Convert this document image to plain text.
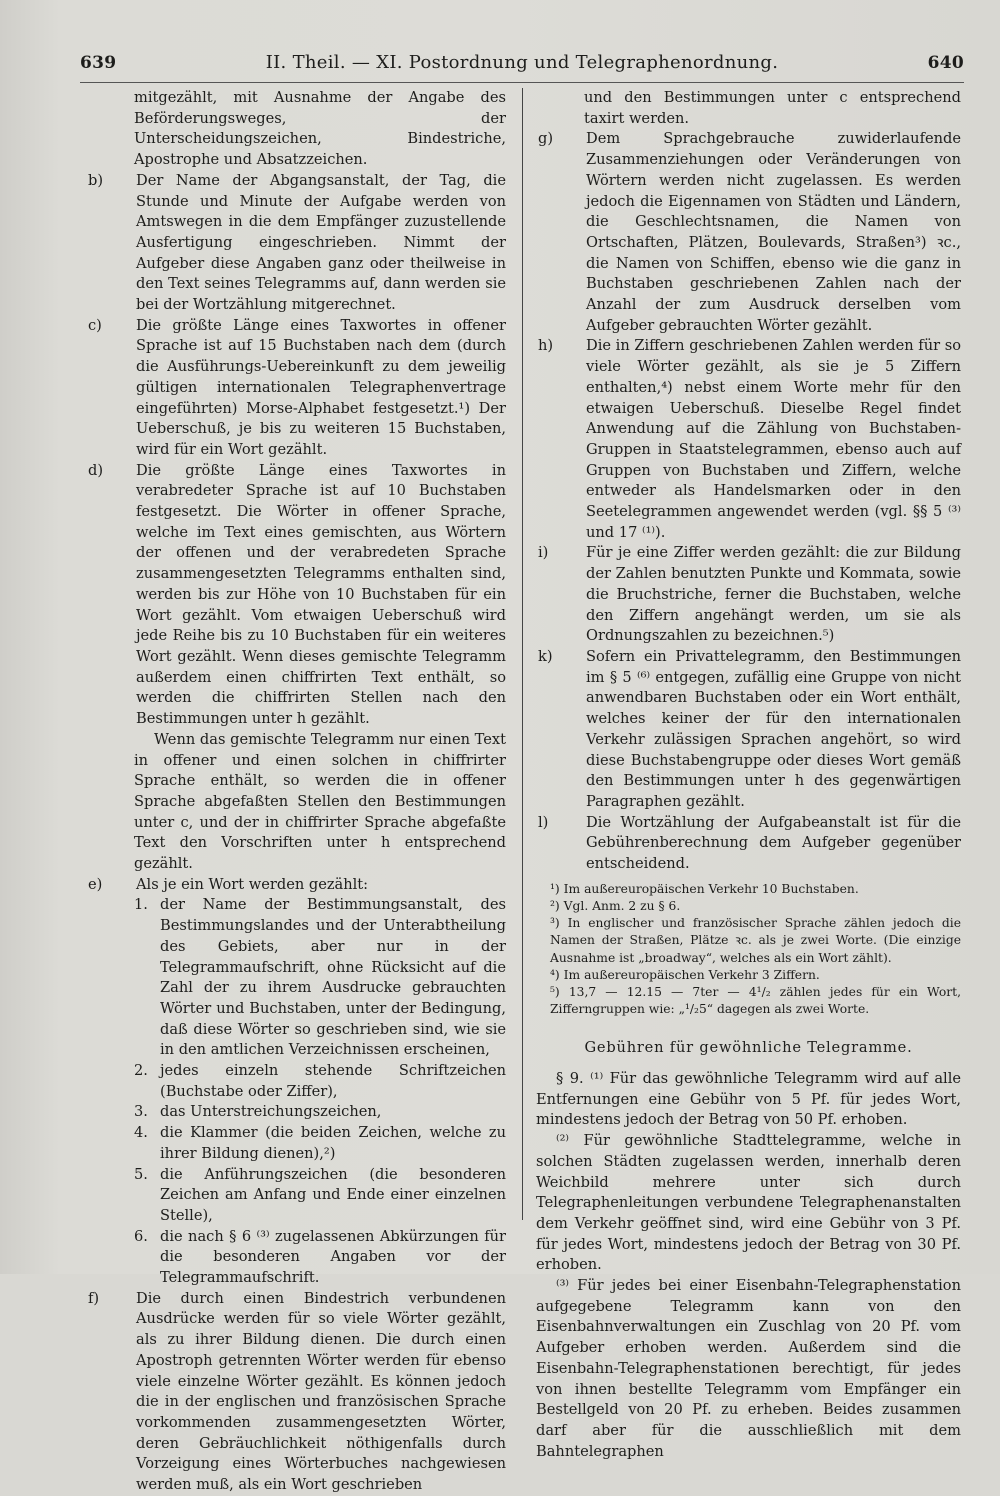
639	II. Theil. — XI. Postordnung und Telegraphenordnung.	640

mitgezählt, mit Ausnahme der Angabe des Beförderungsweges, der Unterscheidungszeichen, Bindestriche, Apostrophe und Absatzzeichen.

b)	Der Name der Abgangsanstalt, der Tag, die Stunde und Minute der Aufgabe werden von Amtswegen in die dem Empfänger zuzustellende Ausfertigung eingeschrieben. Nimmt der Aufgeber diese Angaben ganz oder theilweise in den Text seines Telegramms auf, dann werden sie bei der Wortzählung mitgerechnet.
c)	Die größte Länge eines Taxwortes in offener Sprache ist auf 15 Buchstaben nach dem (durch die Ausführungs-Uebereinkunft zu dem jeweilig gültigen internationalen Telegraphenvertrage eingeführten) Morse-Alphabet festgesetzt.¹) Der Ueberschuß, je bis zu weiteren 15 Buchstaben, wird für ein Wort gezählt.
d)	Die größte Länge eines Taxwortes in verabredeter Sprache ist auf 10 Buchstaben festgesetzt. Die Wörter in offener Sprache, welche im Text eines gemischten, aus Wörtern der offenen und der verabredeten Sprache zusammengesetzten Telegramms enthalten sind, werden bis zur Höhe von 10 Buchstaben für ein Wort gezählt. Vom etwaigen Ueberschuß wird jede Reihe bis zu 10 Buchstaben für ein weiteres Wort gezählt. Wenn dieses gemischte Telegramm außerdem einen chiffrirten Text enthält, so werden die chiffrirten Stellen nach den Bestimmungen unter h gezählt.

Wenn das gemischte Telegramm nur einen Text in offener und einen solchen in chiffrirter Sprache enthält, so werden die in offener Sprache abgefaßten Stellen den Bestimmungen unter c, und der in chiffrirter Sprache abgefaßte Text den Vorschriften unter h entsprechend gezählt.

e)	Als je ein Wort werden gezählt:
1. der Name der Bestimmungsanstalt, des Bestimmungslandes und der Unterabtheilung des Gebiets, aber nur in der Telegrammaufschrift, ohne Rücksicht auf die Zahl der zu ihrem Ausdrucke gebrauchten Wörter und Buchstaben, unter der Bedingung, daß diese Wörter so geschrieben sind, wie sie in den amtlichen Verzeichnissen erscheinen,
2. jedes einzeln stehende Schriftzeichen (Buchstabe oder Ziffer),
3. das Unterstreichungszeichen,
4. die Klammer (die beiden Zeichen, welche zu ihrer Bildung dienen),²)
5. die Anführungszeichen (die besonderen Zeichen am Anfang und Ende einer einzelnen Stelle),
6. die nach § 6 ⁽³⁾ zugelassenen Abkürzungen für die besonderen Angaben vor der Telegrammaufschrift.
f)	Die durch einen Bindestrich verbundenen Ausdrücke werden für so viele Wörter gezählt, als zu ihrer Bildung dienen. Die durch einen Apostroph getrennten Wörter werden für ebenso viele einzelne Wörter gezählt. Es können jedoch die in der englischen und französischen Sprache vorkommenden zusammengesetzten Wörter, deren Gebräuchlichkeit nöthigenfalls durch Vorzeigung eines Wörterbuches nachgewiesen werden muß, als ein Wort geschrieben

und den Bestimmungen unter c entsprechend taxirt werden.

g)	Dem Sprachgebrauche zuwiderlaufende Zusammenziehungen oder Veränderungen von Wörtern werden nicht zugelassen. Es werden jedoch die Eigennamen von Städten und Ländern, die Geschlechtsnamen, die Namen von Ortschaften, Plätzen, Boulevards, Straßen³) ꝛc., die Namen von Schiffen, ebenso wie die ganz in Buchstaben geschriebenen Zahlen nach der Anzahl der zum Ausdruck derselben vom Aufgeber gebrauchten Wörter gezählt.
h)	Die in Ziffern geschriebenen Zahlen werden für so viele Wörter gezählt, als sie je 5 Ziffern enthalten,⁴) nebst einem Worte mehr für den etwaigen Ueberschuß. Dieselbe Regel findet Anwendung auf die Zählung von Buchstaben-Gruppen in Staatstelegrammen, ebenso auch auf Gruppen von Buchstaben und Ziffern, welche entweder als Handelsmarken oder in den Seetelegrammen angewendet werden (vgl. §§ 5 ⁽³⁾ und 17 ⁽¹⁾).
i)	Für je eine Ziffer werden gezählt: die zur Bildung der Zahlen benutzten Punkte und Kommata, sowie die Bruchstriche, ferner die Buchstaben, welche den Ziffern angehängt werden, um sie als Ordnungszahlen zu bezeichnen.⁵)
k)	Sofern ein Privattelegramm, den Bestimmungen im § 5 ⁽⁶⁾ entgegen, zufällig eine Gruppe von nicht anwendbaren Buchstaben oder ein Wort enthält, welches keiner der für den internationalen Verkehr zulässigen Sprachen angehört, so wird diese Buchstabengruppe oder dieses Wort gemäß den Bestimmungen unter h des gegenwärtigen Paragraphen gezählt.
l)	Die Wortzählung der Aufgabeanstalt ist für die Gebührenberechnung dem Aufgeber gegenüber entscheidend.

¹) Im außereuropäischen Verkehr 10 Buchstaben.

²) Vgl. Anm. 2 zu § 6.

³) In englischer und französischer Sprache zählen jedoch die Namen der Straßen, Plätze ꝛc. als je zwei Worte. (Die einzige Ausnahme ist „broadway“, welches als ein Wort zählt).

⁴) Im außereuropäischen Verkehr 3 Ziffern.

⁵) 13,7 — 12.15 — 7ter — 4¹/₂ zählen jedes für ein Wort, Zifferngruppen wie: „¹/₂5“ dagegen als zwei Worte.

Gebühren für gewöhnliche Telegramme.

§ 9. ⁽¹⁾ Für das gewöhnliche Telegramm wird auf alle Entfernungen eine Gebühr von 5 Pf. für jedes Wort, mindestens jedoch der Betrag von 50 Pf. erhoben.

⁽²⁾ Für gewöhnliche Stadttelegramme, welche in solchen Städten zugelassen werden, innerhalb deren Weichbild mehrere unter sich durch Telegraphenleitungen verbundene Telegraphenanstalten dem Verkehr geöffnet sind, wird eine Gebühr von 3 Pf. für jedes Wort, mindestens jedoch der Betrag von 30 Pf. erhoben.

⁽³⁾ Für jedes bei einer Eisenbahn-Telegraphenstation aufgegebene Telegramm kann von den Eisenbahnverwaltungen ein Zuschlag von 20 Pf. vom Aufgeber erhoben werden. Außerdem sind die Eisenbahn-Telegraphenstationen berechtigt, für jedes von ihnen bestellte Telegramm vom Empfänger ein Bestellgeld von 20 Pf. zu erheben. Beides zusammen darf aber für die ausschließlich mit dem Bahntelegraphen
